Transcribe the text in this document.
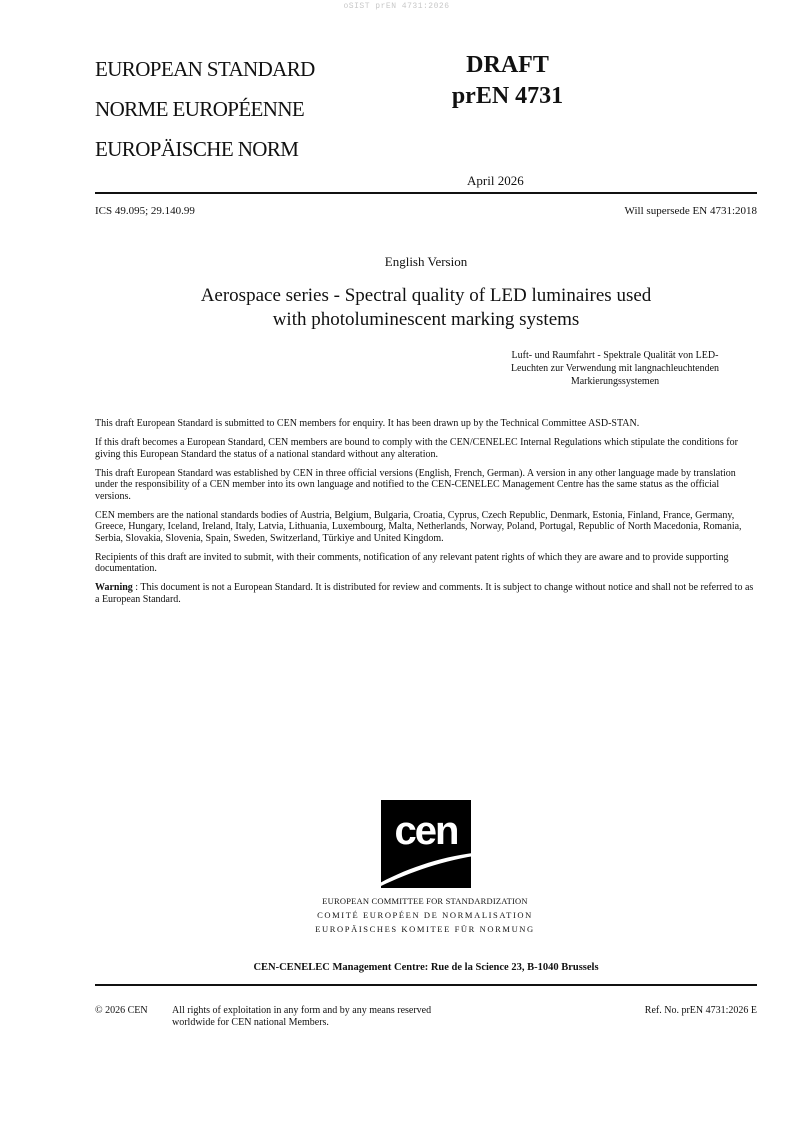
oSIST prEN 4731:2026
EUROPEAN STANDARD
NORME EUROPÉENNE
EUROPÄISCHE NORM
DRAFT
prEN 4731
April 2026
ICS 49.095; 29.140.99	Will supersede EN 4731:2018
English Version
Aerospace series - Spectral quality of LED luminaires used
with photoluminescent marking systems
Luft- und Raumfahrt - Spektrale Qualität von LED-
Leuchten zur Verwendung mit langnachleuchtenden
Markierungssystemen

This draft European Standard is submitted to CEN members for enquiry. It has been drawn up by the Technical Committee ASD-STAN.

If this draft becomes a European Standard, CEN members are bound to comply with the CEN/CENELEC Internal Regulations which stipulate the conditions for giving this European Standard the status of a national standard without any alteration.

This draft European Standard was established by CEN in three official versions (English, French, German). A version in any other language made by translation under the responsibility of a CEN member into its own language and notified to the CEN-CENELEC Management Centre has the same status as the official versions.

CEN members are the national standards bodies of Austria, Belgium, Bulgaria, Croatia, Cyprus, Czech Republic, Denmark, Estonia, Finland, France, Germany, Greece, Hungary, Iceland, Ireland, Italy, Latvia, Lithuania, Luxembourg, Malta, Netherlands, Norway, Poland, Portugal, Republic of North Macedonia, Romania, Serbia, Slovakia, Slovenia, Spain, Sweden, Switzerland, Türkiye and United Kingdom.

Recipients of this draft are invited to submit, with their comments, notification of any relevant patent rights of which they are aware and to provide supporting documentation.

Warning : This document is not a European Standard. It is distributed for review and comments. It is subject to change without notice and shall not be referred to as a European Standard.

cen
EUROPEAN COMMITTEE FOR STANDARDIZATION
COMITÉ EUROPÉEN DE NORMALISATION
EUROPÄISCHES KOMITEE FÜR NORMUNG
CEN-CENELEC Management Centre: Rue de la Science 23, B-1040 Brussels
© 2026 CEN All rights of exploitation in any form and by any means reserved
worldwide for CEN national Members.
Ref. No. prEN 4731:2026 E
